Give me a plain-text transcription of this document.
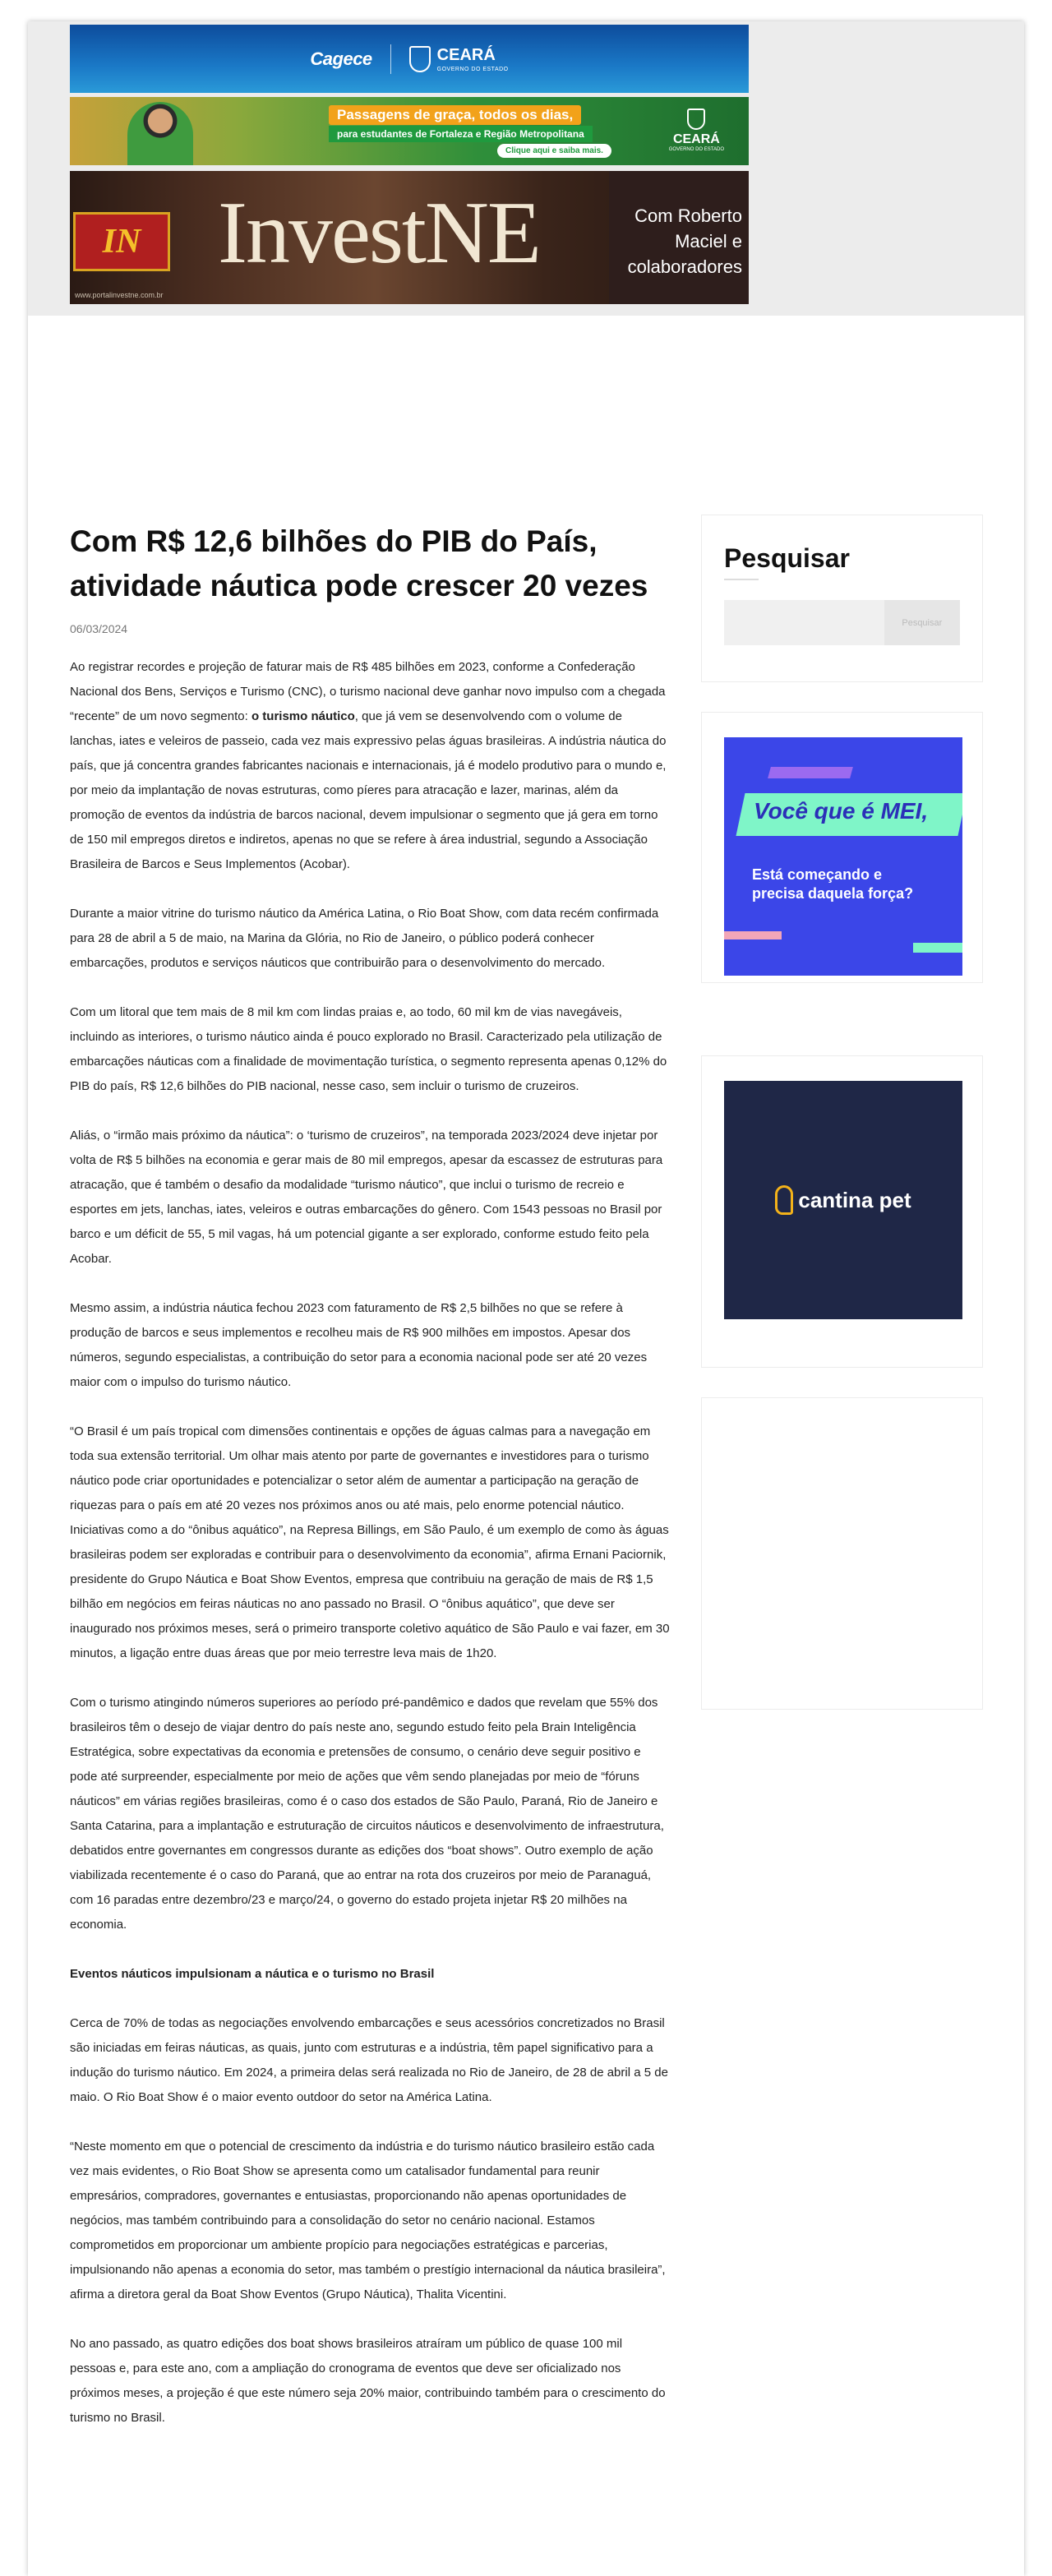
Cagece	CEARÁ
GOVERNO DO ESTADO
Passagens de graça, todos os dias,
para estudantes de Fortaleza e Região Metropolitana
Clique aqui e saiba mais.
CEARÁ
GOVERNO DO ESTADO
IN InvestNE	Com Roberto
Maciel e
colaboradores
www.portalinvestne.com.br
Com R$ 12,6 bilhões do PIB do País, atividade náutica pode crescer 20 vezes
06/03/2024

Ao registrar recordes e projeção de faturar mais de R$ 485 bilhões em 2023, conforme a Confederação Nacional dos Bens, Serviços e Turismo (CNC), o turismo nacional deve ganhar novo impulso com a chegada “recente” de um novo segmento: o turismo náutico, que já vem se desenvolvendo com o volume de lanchas, iates e veleiros de passeio, cada vez mais expressivo pelas águas brasileiras. A indústria náutica do país, que já concentra grandes fabricantes nacionais e internacionais, já é modelo produtivo para o mundo e, por meio da implantação de novas estruturas, como píeres para atracação e lazer, marinas, além da promoção de eventos da indústria de barcos nacional, devem impulsionar o segmento que já gera em torno de 150 mil empregos diretos e indiretos, apenas no que se refere à área industrial, segundo a Associação Brasileira de Barcos e Seus Implementos (Acobar).

Durante a maior vitrine do turismo náutico da América Latina, o Rio Boat Show, com data recém confirmada para 28 de abril a 5 de maio, na Marina da Glória, no Rio de Janeiro, o público poderá conhecer embarcações, produtos e serviços náuticos que contribuirão para o desenvolvimento do mercado.

Com um litoral que tem mais de 8 mil km com lindas praias e, ao todo, 60 mil km de vias navegáveis, incluindo as interiores, o turismo náutico ainda é pouco explorado no Brasil. Caracterizado pela utilização de embarcações náuticas com a finalidade de movimentação turística, o segmento representa apenas 0,12% do PIB do país, R$ 12,6 bilhões do PIB nacional, nesse caso, sem incluir o turismo de cruzeiros.

Aliás, o “irmão mais próximo da náutica”: o ‘turismo de cruzeiros”, na temporada 2023/2024 deve injetar por volta de R$ 5 bilhões na economia e gerar mais de 80 mil empregos, apesar da escassez de estruturas para atracação, que é também o desafio da modalidade “turismo náutico”, que inclui o turismo de recreio e esportes em jets, lanchas, iates, veleiros e outras embarcações do gênero. Com 1543 pessoas no Brasil por barco e um déficit de 55, 5 mil vagas, há um potencial gigante a ser explorado, conforme estudo feito pela Acobar.

Mesmo assim, a indústria náutica fechou 2023 com faturamento de R$ 2,5 bilhões no que se refere à produção de barcos e seus implementos e recolheu mais de R$ 900 milhões em impostos. Apesar dos números, segundo especialistas, a contribuição do setor para a economia nacional pode ser até 20 vezes maior com o impulso do turismo náutico.

“O Brasil é um país tropical com dimensões continentais e opções de águas calmas para a navegação em toda sua extensão territorial. Um olhar mais atento por parte de governantes e investidores para o turismo náutico pode criar oportunidades e potencializar o setor além de aumentar a participação na geração de riquezas para o país em até 20 vezes nos próximos anos ou até mais, pelo enorme potencial náutico. Iniciativas como a do “ônibus aquático”, na Represa Billings, em São Paulo, é um exemplo de como às águas brasileiras podem ser exploradas e contribuir para o desenvolvimento da economia”, afirma Ernani Paciornik, presidente do Grupo Náutica e Boat Show Eventos, empresa que contribuiu na geração de mais de R$ 1,5 bilhão em negócios em feiras náuticas no ano passado no Brasil. O “ônibus aquático”, que deve ser inaugurado nos próximos meses, será o primeiro transporte coletivo aquático de São Paulo e vai fazer, em 30 minutos, a ligação entre duas áreas que por meio terrestre leva mais de 1h20.

Com o turismo atingindo números superiores ao período pré-pandêmico e dados que revelam que 55% dos brasileiros têm o desejo de viajar dentro do país neste ano, segundo estudo feito pela Brain Inteligência Estratégica, sobre expectativas da economia e pretensões de consumo, o cenário deve seguir positivo e pode até surpreender, especialmente por meio de ações que vêm sendo planejadas por meio de “fóruns náuticos” em várias regiões brasileiras, como é o caso dos estados de São Paulo, Paraná, Rio de Janeiro e Santa Catarina, para a implantação e estruturação de circuitos náuticos e desenvolvimento de infraestrutura, debatidos entre governantes em congressos durante as edições dos “boat shows”. Outro exemplo de ação viabilizada recentemente é o caso do Paraná, que ao entrar na rota dos cruzeiros por meio de Paranaguá, com 16 paradas entre dezembro/23 e março/24, o governo do estado projeta injetar R$ 20 milhões na economia.

Eventos náuticos impulsionam a náutica e o turismo no Brasil

Cerca de 70% de todas as negociações envolvendo embarcações e seus acessórios concretizados no Brasil são iniciadas em feiras náuticas, as quais, junto com estruturas e a indústria, têm papel significativo para a indução do turismo náutico. Em 2024, a primeira delas será realizada no Rio de Janeiro, de 28 de abril a 5 de maio. O Rio Boat Show é o maior evento outdoor do setor na América Latina.

“Neste momento em que o potencial de crescimento da indústria e do turismo náutico brasileiro estão cada vez mais evidentes, o Rio Boat Show se apresenta como um catalisador fundamental para reunir empresários, compradores, governantes e entusiastas, proporcionando não apenas oportunidades de negócios, mas também contribuindo para a consolidação do setor no cenário nacional. Estamos comprometidos em proporcionar um ambiente propício para negociações estratégicas e parcerias, impulsionando não apenas a economia do setor, mas também o prestígio internacional da náutica brasileira”, afirma a diretora geral da Boat Show Eventos (Grupo Náutica), Thalita Vicentini.

No ano passado, as quatro edições dos boat shows brasileiros atraíram um público de quase 100 mil pessoas e, para este ano, com a ampliação do cronograma de eventos que deve ser oficializado nos próximos meses, a projeção é que este número seja 20% maior, contribuindo também para o crescimento do turismo no Brasil.

Pesquisar
Pesquisar
Você que é MEI,
Está começando e
precisa daquela força?
cantina pet
